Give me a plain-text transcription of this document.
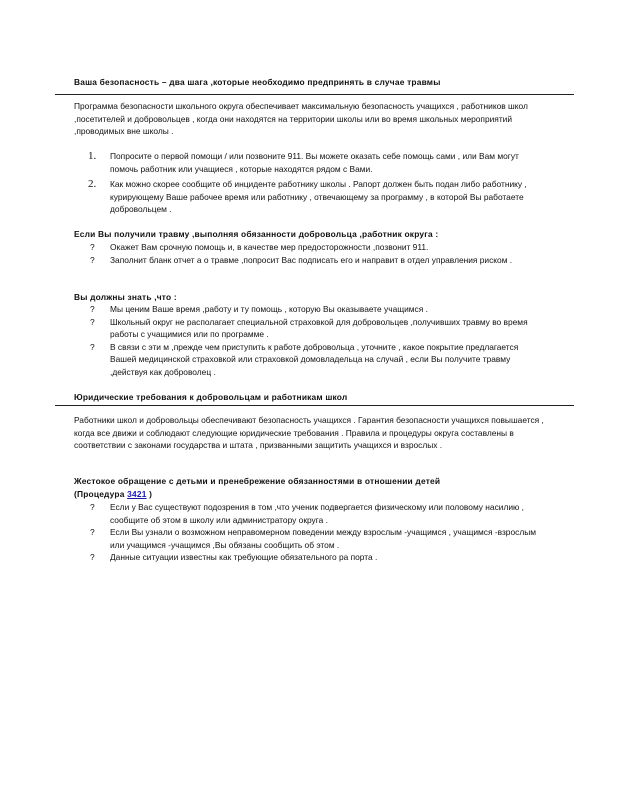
Ваша безопасность – два шага ,которые необходимо предпринять в случае травмы
Программа безопасности школьного округа обеспечивает максимальную безопасность учащихся , работников школ ,посетителей и добровольцев , когда они находятся на территории школы или во время школьных мероприятий ,проводимых вне школы .
1. Попросите о первой помощи / или позвоните 911. Вы можете оказать себе помощь сами , или Вам могут помочь работник или учащиеся , которые находятся рядом с Вами.
2. Как можно скорее сообщите об инциденте работнику школы . Рапорт должен быть подан либо работнику , курирующему Ваше рабочее время или работнику , отвечающему за программу , в которой Вы работаете добровольцем .
Если Вы получили травму ,выполняя обязанности добровольца ,работник округа :
? Окажет Вам срочную помощь и, в качестве мер предосторожности ,позвонит 911.
? Заполнит бланк отчет а о травме ,попросит Вас подписать его и направит в отдел управления риском .
Вы должны знать ,что :
? Мы ценим Ваше время ,работу и ту помощь , которую Вы оказываете учащимся .
? Школьный округ не располагает специальной страховкой для добровольцев ,получивших травму во время работы с учащимися или по программе .
? В связи с эти м ,прежде чем приступить к работе добровольца , уточните , какое покрытие предлагается Вашей медицинской страховкой или страховкой домовладельца на случай , если Вы получите травму ,действуя как доброволец .
Юридические требования к добровольцам и работникам школ
Работники школ и добровольцы обеспечивают безопасность учащихся . Гарантия безопасности учащихся повышается , когда все движи и соблюдают следующие юридические требования . Правила и процедуры округа составлены в соответствии с законами государства и штата , призванными защитить учащихся и взрослых .
Жестокое обращение с детьми и пренебрежение обязанностями в отношении детей
(Процедура 3421 )
? Если у Вас существуют подозрения в том ,что ученик подвергается физическому или половому насилию , сообщите об этом в школу или администратору округа .
? Если Вы узнали о возможном неправомерном поведении между взрослым -учащимся , учащимся -взрослым или учащимся -учащимся ,Вы обязаны сообщить об этом .
? Данные ситуации известны как требующие обязательного ра порта .
